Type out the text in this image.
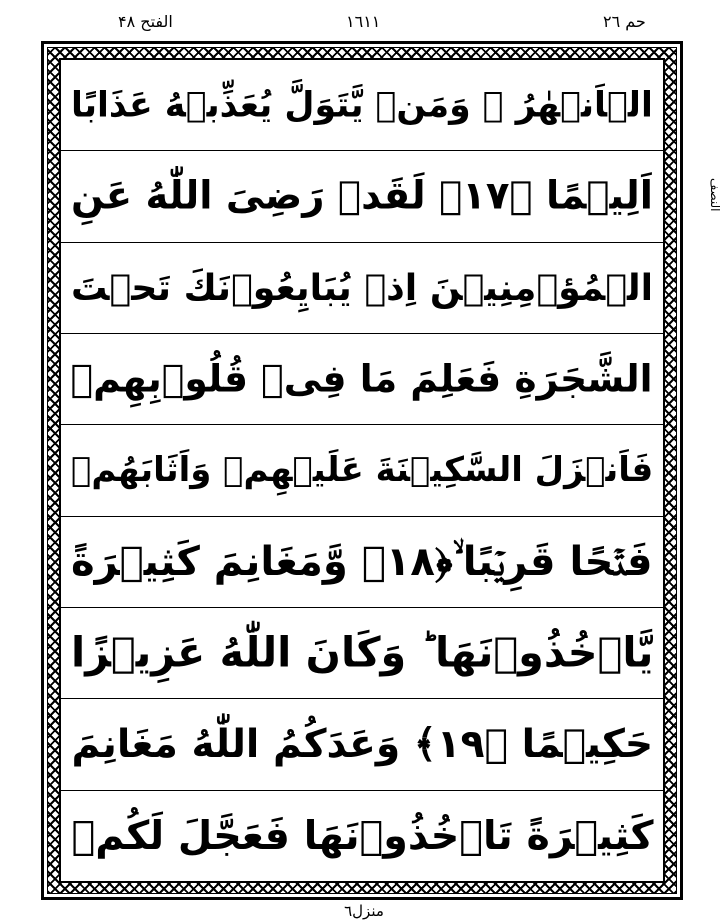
الفتح ۴۸	۱٦۱۱	حم ۲٦
الۡاَنۡهٰرُ ۚ وَمَنۡ يَّتَوَلَّ يُعَذِّبۡهُ عَذَابًا
اَلِيۡمًا ﴿۱۷﴾ لَقَدۡ رَضِىَ اللّٰهُ عَنِ
الۡمُؤۡمِنِيۡنَ اِذۡ يُبَايِعُوۡنَكَ تَحۡتَ
الشَّجَرَةِ فَعَلِمَ مَا فِىۡ قُلُوۡبِهِمۡ
فَاَنۡزَلَ السَّكِيۡنَةَ عَلَيۡهِمۡ وَاَثَابَهُمۡ
فَتۡحًا قَرِيۡبًا ۙ﴿۱۸﴾ وَّمَغَانِمَ كَثِيۡرَةً
يَّاۡخُذُوۡنَهَا ؕ وَكَانَ اللّٰهُ عَزِيۡزًا
حَكِيۡمًا ﴿۱۹﴾ وَعَدَكُمُ اللّٰهُ مَغَانِمَ
كَثِيۡرَةً تَاۡخُذُوۡنَهَا فَعَجَّلَ لَكُمۡ
النصف
منزل٦
